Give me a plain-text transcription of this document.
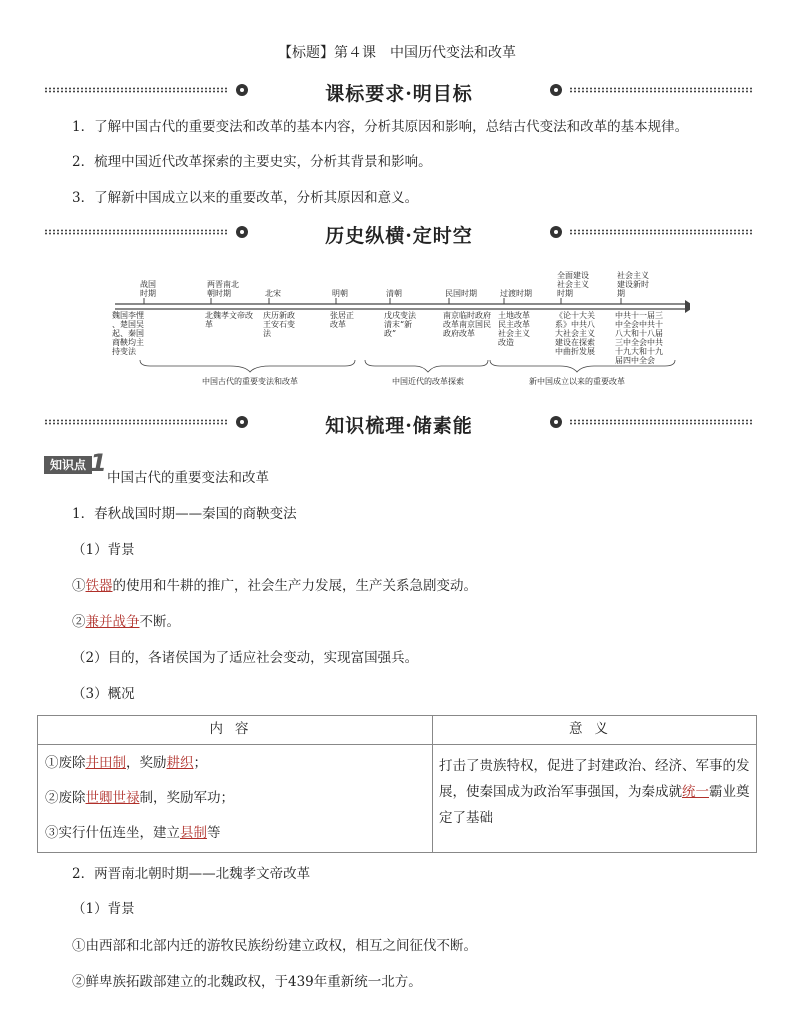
【标题】第４课　中国历代变法和改革
课标要求·明目标
1．了解中国古代的重要变法和改革的基本内容，分析其原因和影响，总结古代变法和改革的基本规律。
2．梳理中国近代改革探索的主要史实，分析其背景和影响。
3．了解新中国成立以来的重要改革，分析其原因和意义。
历史纵横·定时空
战国时期
两晋南北朝时期	北宋	明朝	清朝	民国时期	过渡时期
全面建设社会主义时期
社会主义建设新时期
魏国李悝、楚国吴起、秦国商鞅均主持变法
北魏孝文帝改革
庆历新政王安石变法
张居正改革
戊戌变法清末“新政”
南京临时政府改革南京国民政府改革
土地改革民主改革社会主义改造
《论十大关系》中共八大社会主义建设在探索中曲折发展
中共十一届三中全会中共十八大和十八届三中全会中共十九大和十九届四中全会
中国古代的重要变法和改革	中国近代的改革探索	新中国成立以来的重要改革
知识梳理·储素能
知识点 1
中国古代的重要变法和改革
1．春秋战国时期——秦国的商鞅变法
（1）背景
①铁器的使用和牛耕的推广，社会生产力发展，生产关系急剧变动。
②兼并战争不断。
（2）目的，各诸侯国为了适应社会变动，实现富国强兵。
（3）概况
内容	意义

①废除井田制，奖励耕织；
②废除世卿世禄制，奖励军功；
③实行什伍连坐，建立县制等	打击了贵族特权，促进了封建政治、经济、军事的发展，使秦国成为政治军事强国，为秦成就统一霸业奠定了基础
2．两晋南北朝时期——北魏孝文帝改革
（1）背景
①由西部和北部内迁的游牧民族纷纷建立政权，相互之间征伐不断。
②鲜卑族拓跋部建立的北魏政权，于439年重新统一北方。
